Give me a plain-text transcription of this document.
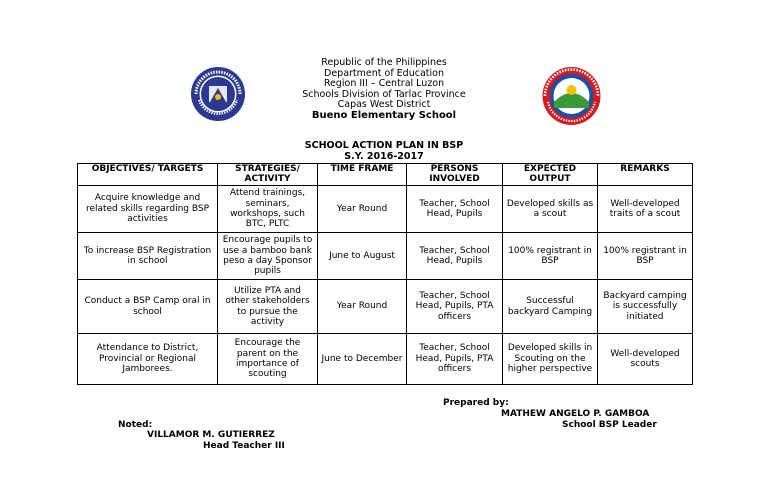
Republic of the Philippines
Department of Education
Region III – Central Luzon
Schools Division of Tarlac Province
Capas West District
Bueno Elementary School
SCHOOL ACTION PLAN IN BSP
S.Y. 2016-2017
OBJECTIVES/ TARGETS	STRATEGIES/ ACTIVITY	TIME FRAME	PERSONS INVOLVED	EXPECTED OUTPUT	REMARKS
Acquire knowledge and related skills regarding BSP activities	Attend trainings, seminars, workshops, such BTC, PLTC	Year Round	Teacher, School Head, Pupils	Developed skills as a scout	Well-developed traits of a scout
To increase BSP Registration in school	Encourage pupils to use a bamboo bank peso a day Sponsor pupils	June to August	Teacher, School Head, Pupils	100% registrant in BSP	100% registrant in BSP
Conduct a BSP Camp oral in school	Utilize PTA and other stakeholders to pursue the activity	Year Round	Teacher, School Head, Pupils, PTA officers	Successful backyard Camping	Backyard camping is successfully initiated
Attendance to District, Provincial or Regional Jamborees.	Encourage the parent on the importance of scouting	June to December	Teacher, School Head, Pupils, PTA officers	Developed skills in Scouting on the higher perspective	Well-developed scouts
Prepared by:
MATHEW ANGELO P. GAMBOA
School BSP Leader
Noted:
VILLAMOR M. GUTIERREZ
Head Teacher III
